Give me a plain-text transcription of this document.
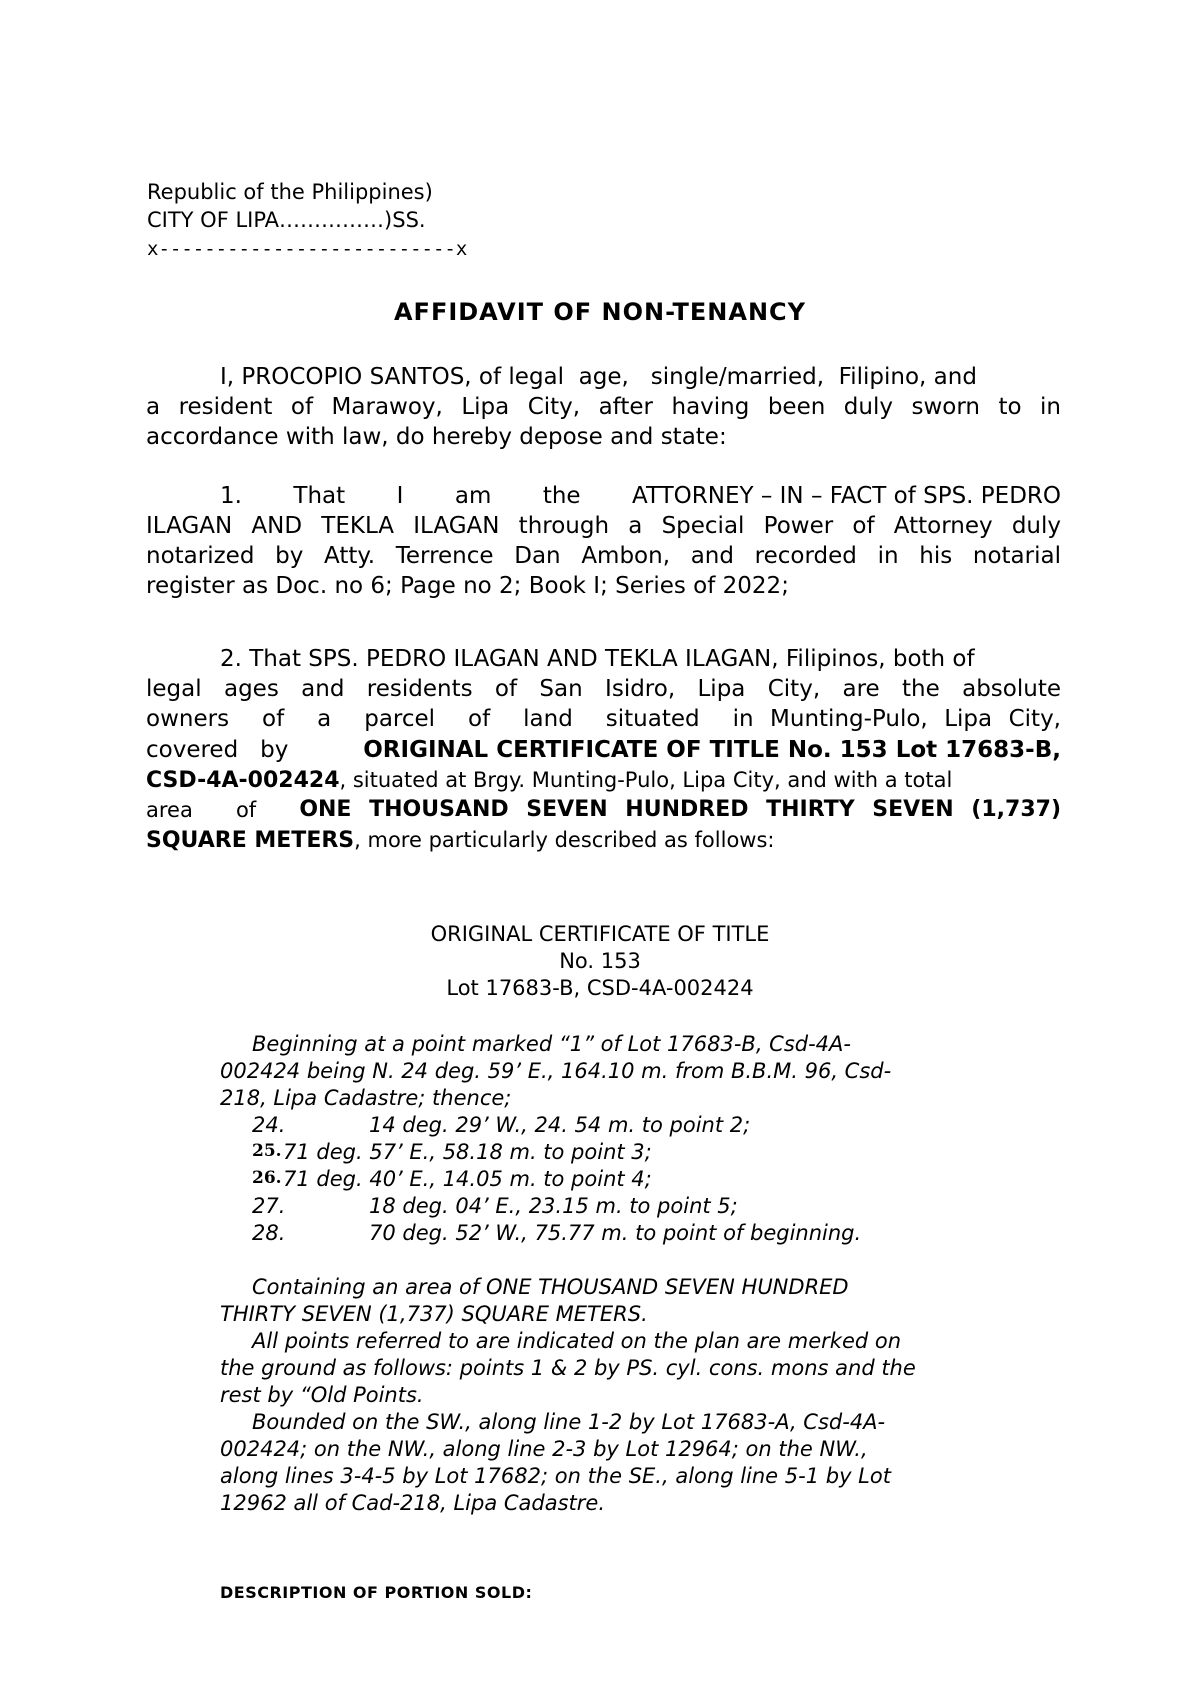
Republic of the Philippines)
CITY OF LIPA……………)SS.
x--------------------------x
AFFIDAVIT OF NON-TENANCY
I, PROCOPIO SANTOS, of legal  age,   single/married,  Filipino, and
a resident of Marawoy, Lipa City, after having been duly sworn to in
accordance with law, do hereby depose and state:
1. That I am the ATTORNEY – IN – FACT of SPS. PEDRO
ILAGAN AND TEKLA ILAGAN through a Special Power of Attorney duly
notarized by Atty. Terrence Dan Ambon, and recorded in his notarial
register as Doc. no 6; Page no 2; Book I; Series of 2022;
2. That SPS. PEDRO ILAGAN AND TEKLA ILAGAN, Filipinos, both of
legal ages and residents of San Isidro, Lipa City, are the absolute
owners  of  a  parcel  of  land  situated  in Munting-Pulo, Lipa City,
covered   by	ORIGINAL CERTIFICATE OF TITLE No. 153 Lot 17683-B,
CSD-4A-002424, situated at Brgy. Munting-Pulo, Lipa City, and with a total
area of ONE THOUSAND SEVEN HUNDRED THIRTY SEVEN (1,737)
SQUARE METERS, more particularly described as follows:
ORIGINAL CERTIFICATE OF TITLE
No. 153
Lot 17683-B, CSD-4A-002424
Beginning at a point marked “1” of Lot 17683-B, Csd-4A-
002424 being N. 24 deg. 59’ E., 164.10 m. from B.B.M. 96, Csd-
218, Lipa Cadastre; thence;
24.	14 deg. 29’ W., 24. 54 m. to point 2;
25. 71 deg. 57’ E., 58.18 m. to point 3;
26. 71 deg. 40’ E., 14.05 m. to point 4;
27.	18 deg. 04’ E., 23.15 m. to point 5;
28.	70 deg. 52’ W., 75.77 m. to point of beginning.
Containing an area of ONE THOUSAND SEVEN HUNDRED
THIRTY SEVEN (1,737) SQUARE METERS.
All points referred to are indicated on the plan are merked on
the ground as follows: points 1 & 2 by PS. cyl. cons. mons and the
rest by “Old Points.
Bounded on the SW., along line 1-2 by Lot 17683-A, Csd-4A-
002424; on the NW., along line 2-3 by Lot 12964; on the NW.,
along lines 3-4-5 by Lot 17682; on the SE., along line 5-1 by Lot
12962 all of Cad-218, Lipa Cadastre.
DESCRIPTION OF PORTION SOLD:
